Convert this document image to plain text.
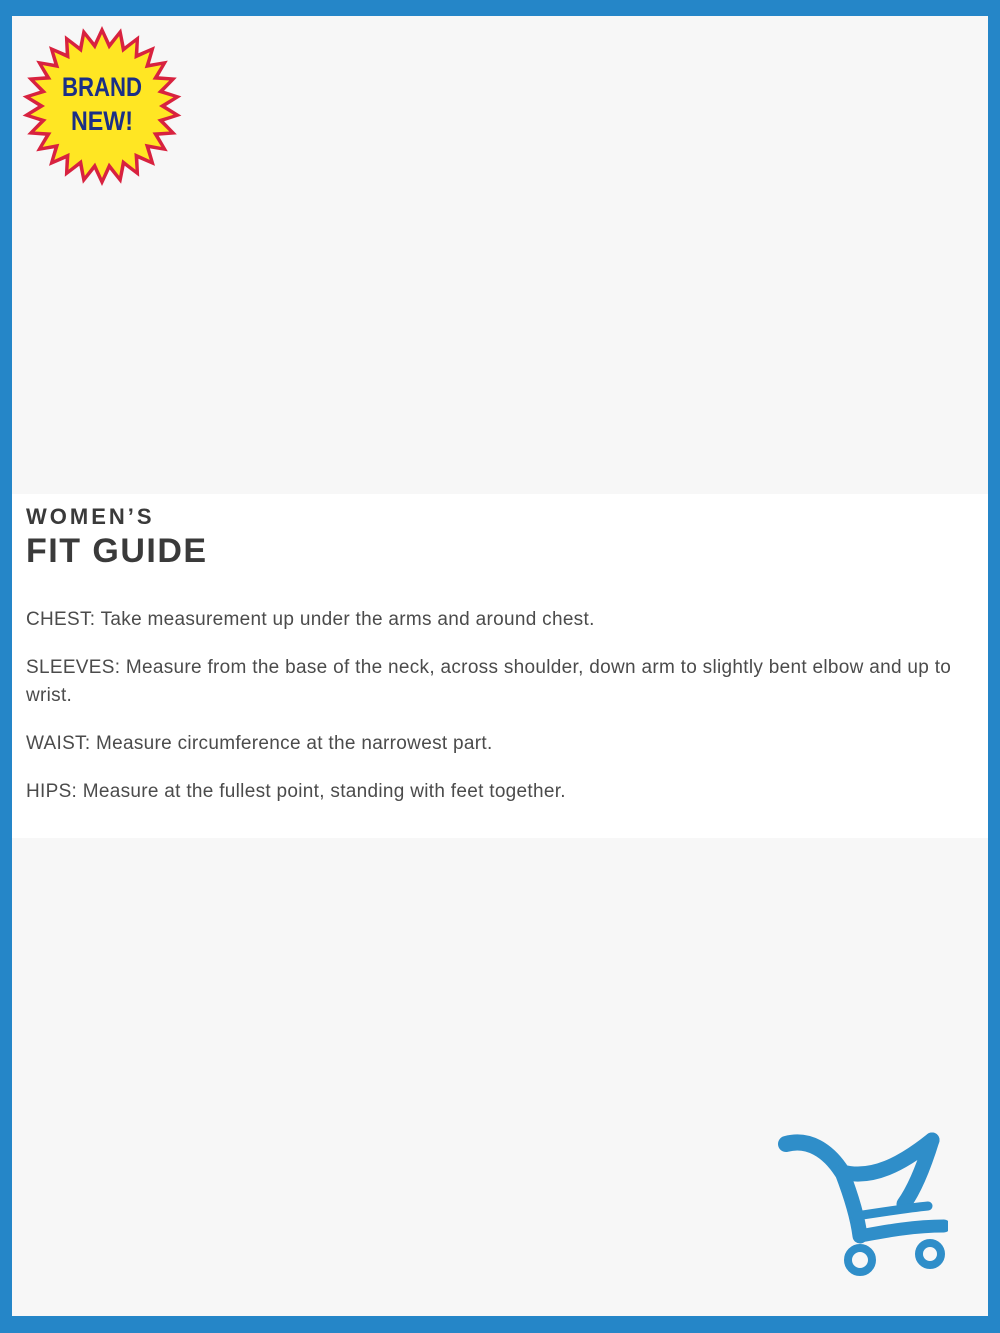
BRAND
NEW!
WOMEN’S
FIT GUIDE
CHEST: Take measurement up under the arms and around chest.
SLEEVES: Measure from the base of the neck, across shoulder, down arm to slightly bent elbow and up to wrist.
WAIST: Measure circumference at the narrowest part.
HIPS: Measure at the fullest point, standing with feet together.
